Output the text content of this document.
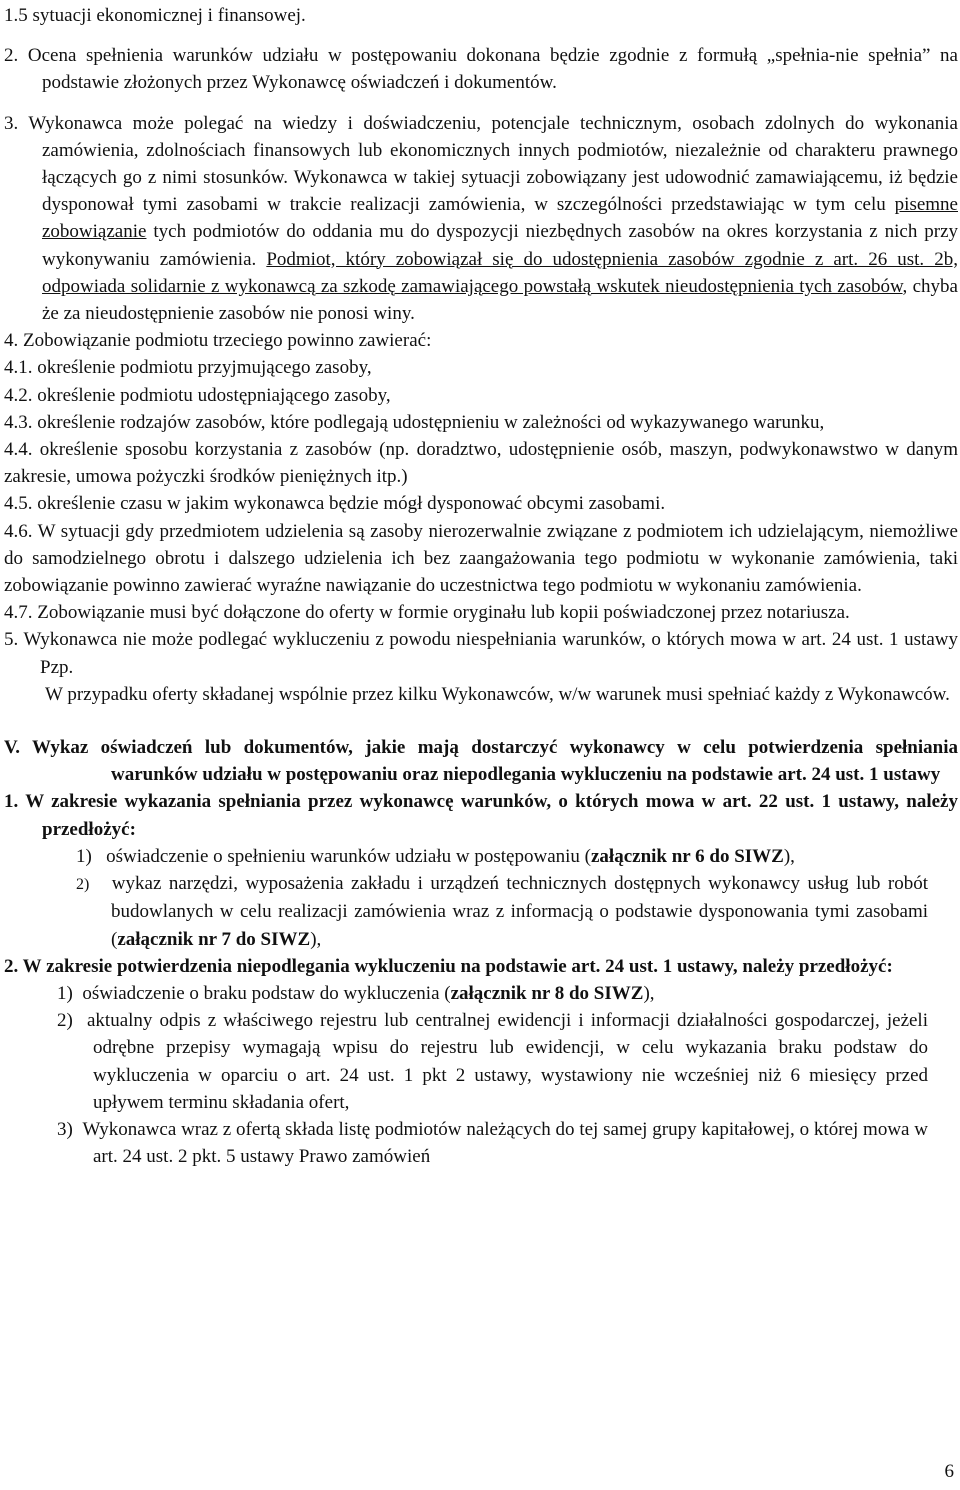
1.5 sytuacji ekonomicznej i finansowej.

2. Ocena spełnienia warunków udziału w postępowaniu dokonana będzie zgodnie z formułą „spełnia-nie spełnia” na podstawie złożonych przez Wykonawcę oświadczeń i dokumentów.

3. Wykonawca może polegać na wiedzy i doświadczeniu, potencjale technicznym, osobach zdolnych do wykonania zamówienia, zdolnościach finansowych lub ekonomicznych innych podmiotów, niezależnie od charakteru prawnego łączących go z nimi stosunków. Wykonawca w takiej sytuacji zobowiązany jest udowodnić zamawiającemu, iż będzie dysponował tymi zasobami w trakcie realizacji zamówienia, w szczególności przedstawiając w tym celu pisemne zobowiązanie tych podmiotów do oddania mu do dyspozycji niezbędnych zasobów na okres korzystania z nich przy wykonywaniu zamówienia. Podmiot, który zobowiązał się do udostępnienia zasobów zgodnie z art. 26 ust. 2b, odpowiada solidarnie z wykonawcą za szkodę zamawiającego powstałą wskutek nieudostępnienia tych zasobów, chyba że za nieudostępnienie zasobów nie ponosi winy.

4. Zobowiązanie podmiotu trzeciego powinno zawierać:

4.1. określenie podmiotu przyjmującego zasoby,

4.2. określenie podmiotu udostępniającego zasoby,

4.3. określenie rodzajów zasobów, które podlegają udostępnieniu w zależności od wykazywanego warunku,

4.4. określenie sposobu korzystania z zasobów (np. doradztwo, udostępnienie osób, maszyn, podwykonawstwo w danym zakresie, umowa pożyczki środków pieniężnych itp.)

4.5. określenie czasu w jakim wykonawca będzie mógł dysponować obcymi zasobami.

4.6. W sytuacji gdy przedmiotem udzielenia są zasoby nierozerwalnie związane z podmiotem ich udzielającym, niemożliwe do samodzielnego obrotu i dalszego udzielenia ich bez zaangażowania tego podmiotu w wykonanie zamówienia, taki zobowiązanie powinno zawierać wyraźne nawiązanie do uczestnictwa tego podmiotu w wykonaniu zamówienia.

4.7. Zobowiązanie musi być dołączone do oferty w formie oryginału lub kopii poświadczonej przez notariusza.

5. Wykonawca nie może podlegać wykluczeniu z powodu niespełniania warunków, o których mowa w art. 24 ust. 1 ustawy Pzp.

W przypadku oferty składanej wspólnie przez kilku Wykonawców, w/w warunek musi spełniać każdy z Wykonawców.

V. Wykaz oświadczeń lub dokumentów, jakie mają dostarczyć wykonawcy w celu potwierdzenia spełniania warunków udziału w postępowaniu oraz niepodlegania wykluczeniu na podstawie art. 24 ust. 1 ustawy

1. W zakresie wykazania spełniania przez wykonawcę warunków, o których mowa w art. 22 ust. 1 ustawy, należy przedłożyć:

1) oświadczenie o spełnieniu warunków udziału w postępowaniu (załącznik nr 6 do SIWZ),

2) wykaz narzędzi, wyposażenia zakładu i urządzeń technicznych dostępnych wykonawcy usług lub robót budowlanych w celu realizacji zamówienia wraz z informacją o podstawie dysponowania tymi zasobami (załącznik nr 7 do SIWZ),

2. W zakresie potwierdzenia niepodlegania wykluczeniu na podstawie art. 24 ust. 1 ustawy, należy przedłożyć:

1) oświadczenie o braku podstaw do wykluczenia (załącznik nr 8 do SIWZ),

2) aktualny odpis z właściwego rejestru lub centralnej ewidencji i informacji działalności gospodarczej, jeżeli odrębne przepisy wymagają wpisu do rejestru lub ewidencji, w celu wykazania braku podstaw do wykluczenia w oparciu o art. 24 ust. 1 pkt 2 ustawy, wystawiony nie wcześniej niż 6 miesięcy przed upływem terminu składania ofert,

3) Wykonawca wraz z ofertą składa listę podmiotów należących do tej samej grupy kapitałowej, o której mowa w art. 24 ust. 2 pkt. 5 ustawy Prawo zamówień

6
